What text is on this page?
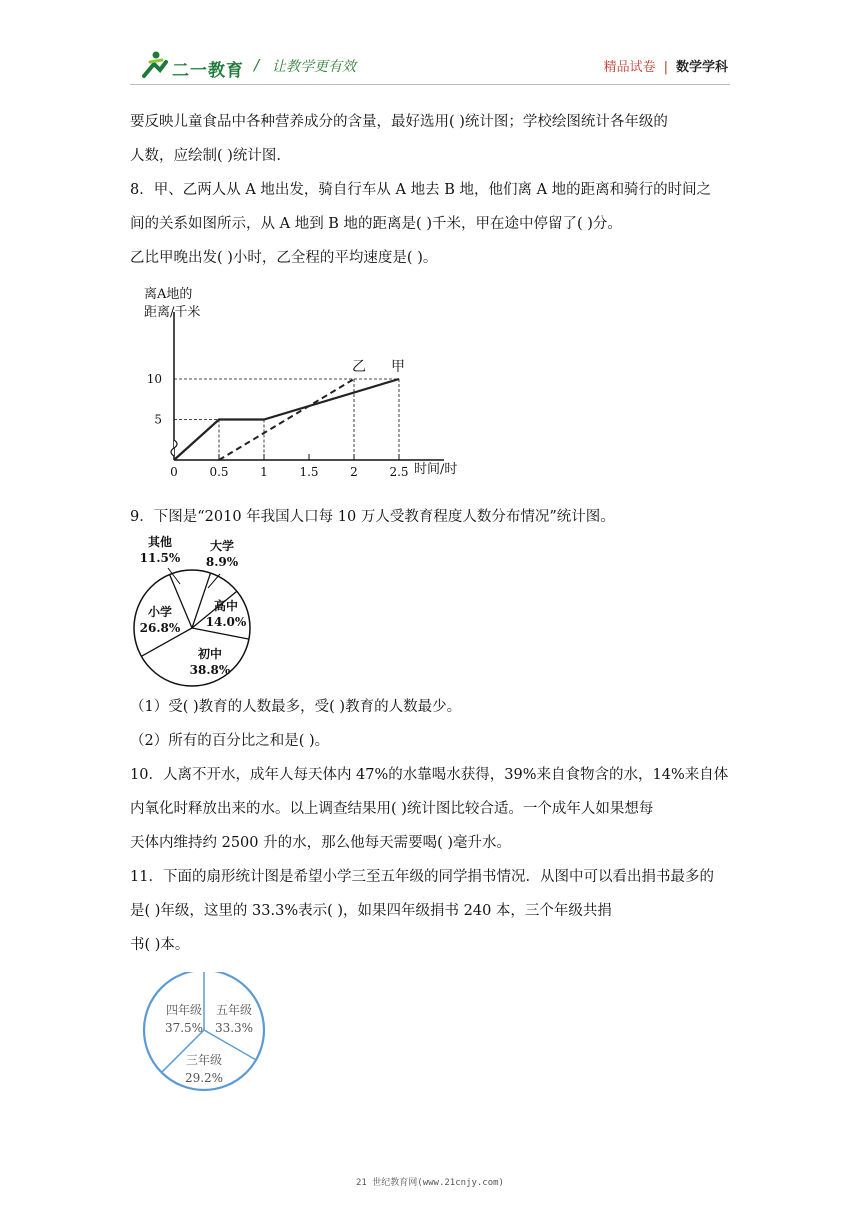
二一教育 / 让教学更有效	精品试卷 | 数学学科
要反映儿童食品中各种营养成分的含量，最好选用( )统计图；学校绘图统计各年级的
人数，应绘制( )统计图.
8．甲、乙两人从 A 地出发，骑自行车从 A 地去 B 地，他们离 A 地的距离和骑行的时间之
间的关系如图所示，从 A 地到 B 地的距离是( )千米，甲在途中停留了( )分。
乙比甲晚出发( )小时，乙全程的平均速度是( )。
离A地的
距离/千米
甲
乙
0	0.5	1	1.5	2	2.5
5
10
时间/时
9．下图是“2010 年我国人口每 10 万人受教育程度人数分布情况”统计图。
其他
11.5%
大学
8.9%
高中
14.0%
初中
38.8%
小学
26.8%
（1）受( )教育的人数最多，受( )教育的人数最少。
（2）所有的百分比之和是( )。
10．人离不开水，成年人每天体内 47%的水靠喝水获得，39%来自食物含的水，14%来自体
内氧化时释放出来的水。以上调查结果用( )统计图比较合适。一个成年人如果想每
天体内维持约 2500 升的水，那么他每天需要喝( )毫升水。
11．下面的扇形统计图是希望小学三至五年级的同学捐书情况．从图中可以看出捐书最多的
是( )年级，这里的 33.3%表示( )，如果四年级捐书 240 本，三个年级共捐
书( )本。
五年级
33.3%
三年级
29.2%
四年级
37.5%
21 世纪教育网(www.21cnjy.com)
